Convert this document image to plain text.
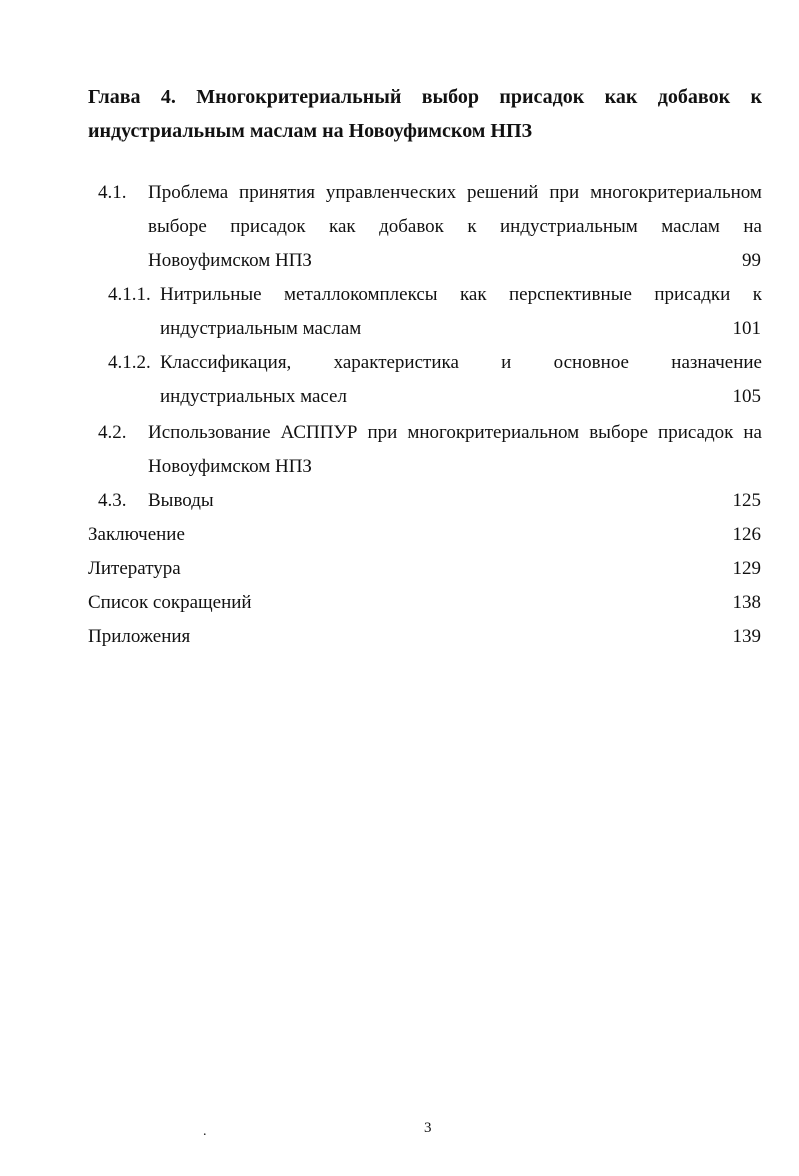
Глава 4. Многокритериальный выбор присадок как добавок к
индустриальным маслам на Новоуфимском НПЗ
4.1. Проблема принятия управленческих решений при многокритериальном
выборе присадок как добавок к индустриальным маслам на
Новоуфимском НПЗ	99
4.1.1. Нитрильные металлокомплексы как перспективные присадки к
индустриальным маслам	101
4.1.2. Классификация, характеристика и основное назначение
индустриальных масел	105
4.2. Использование АСППУР при многокритериальном выборе присадок на
Новоуфимском НПЗ
4.3. Выводы	125
Заключение	126
Литература	129
Список сокращений	138
Приложения	139
.	3
